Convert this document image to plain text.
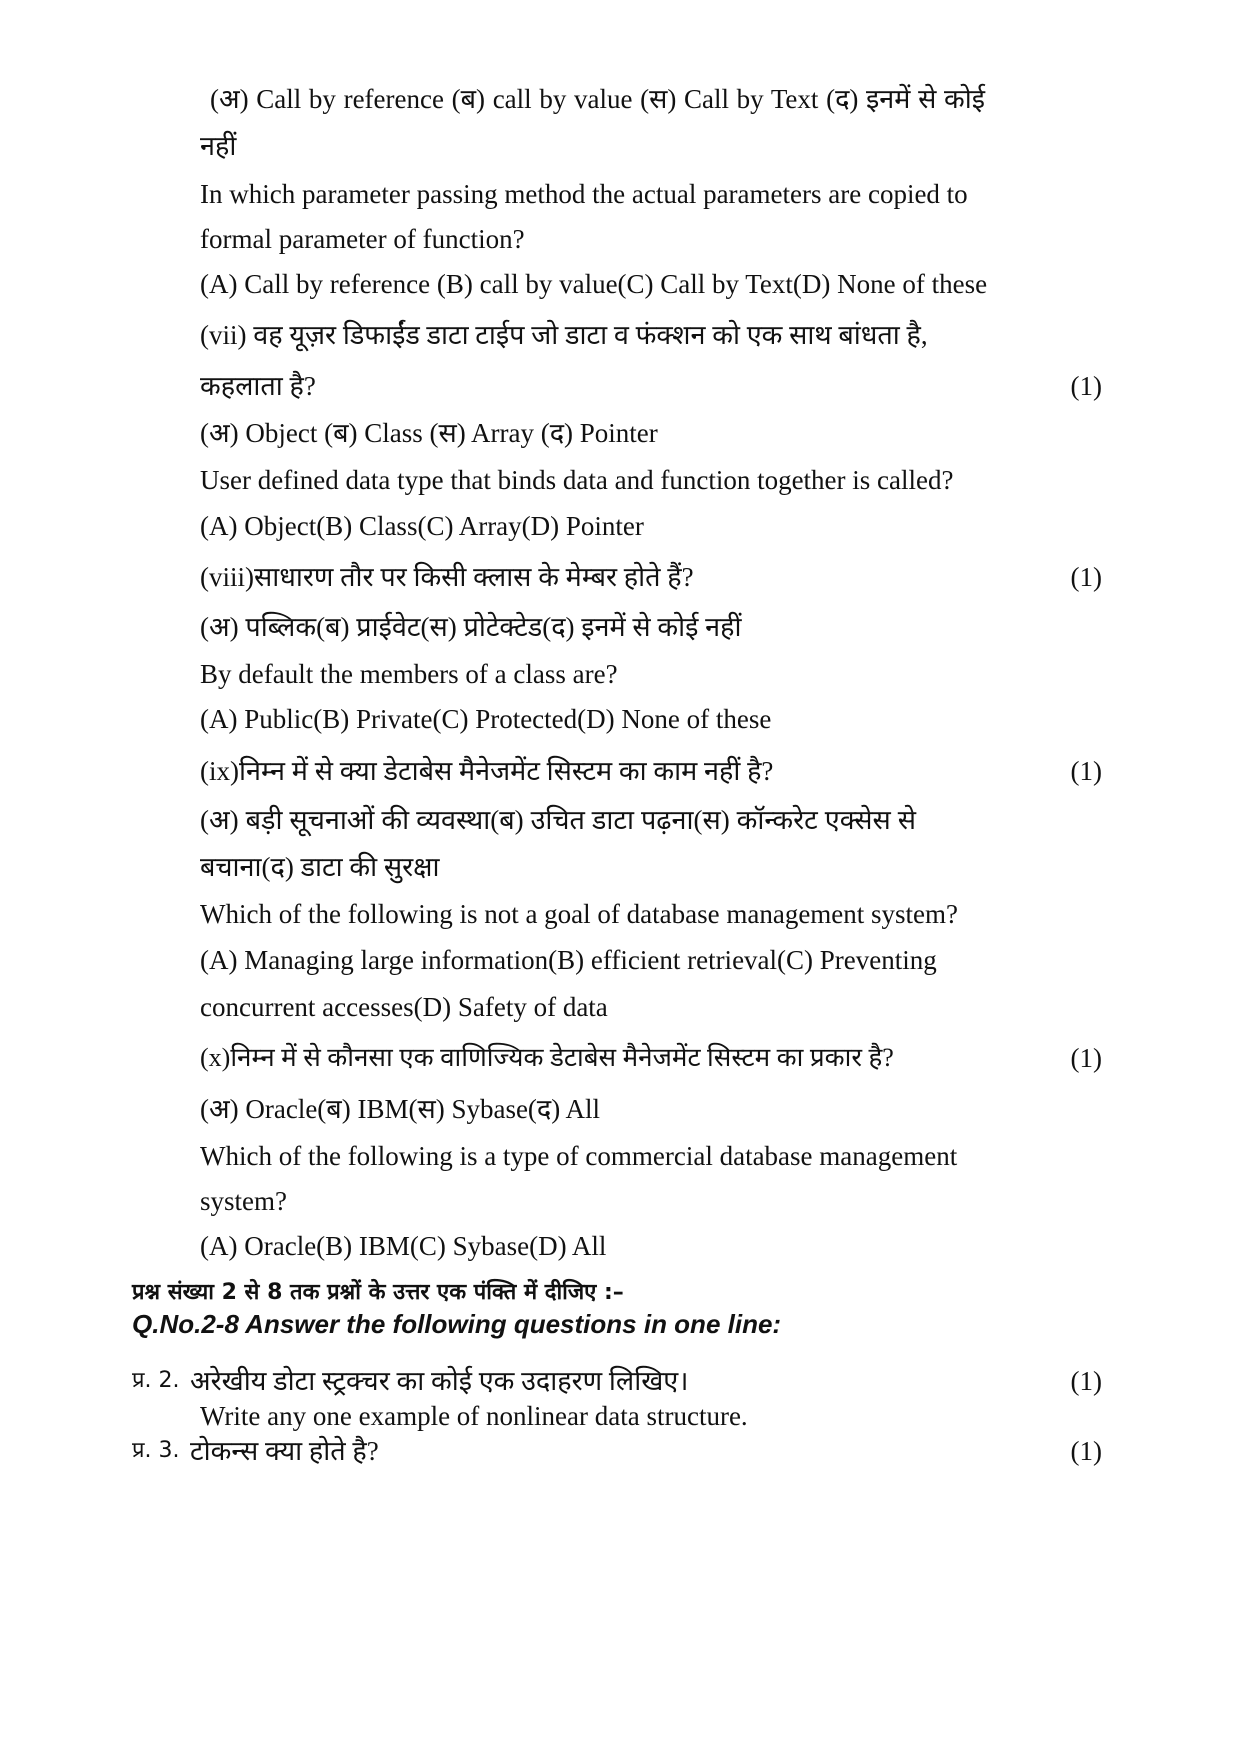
(अ) Call by reference (ब) call by value (स) Call by Text (द) इनमें से कोई
नहीं
In which parameter passing method the actual parameters are copied to
formal parameter of function?
(A) Call by reference (B) call by value(C) Call by Text(D) None of these
(vii) वह यूज़र डिफाईंड डाटा टाईप जो डाटा व फंक्शन को एक साथ बांधता है,
कहलाता है?	(1)
(अ) Object (ब) Class (स) Array (द) Pointer
User defined data type that binds data and function together is called?
(A) Object(B) Class(C) Array(D) Pointer
(viii)साधारण तौर पर किसी क्लास के मेम्बर होते हैं?	(1)
(अ) पब्लिक(ब) प्राईवेट(स) प्रोटेक्टेड(द) इनमें से कोई नहीं
By default the members of a class are?
(A) Public(B) Private(C) Protected(D) None of these
(ix)निम्न में से क्या डेटाबेस मैनेजमेंट सिस्टम का काम नहीं है?	(1)
(अ) बड़ी सूचनाओं की व्यवस्था(ब) उचित डाटा पढ़ना(स) कॉन्करेट एक्सेस से
बचाना(द) डाटा की सुरक्षा
Which of the following is not a goal of database management system?
(A) Managing large information(B) efficient retrieval(C) Preventing
concurrent accesses(D) Safety of data
(x)निम्न में से कौनसा एक वाणिज्यिक डेटाबेस मैनेजमेंट सिस्टम का प्रकार है?	(1)
(अ) Oracle(ब) IBM(स) Sybase(द) All
Which of the following is a type of commercial database management
system?
(A) Oracle(B) IBM(C) Sybase(D) All
प्रश्न संख्या 2 से 8 तक प्रश्नों के उत्तर एक पंक्ति में दीजिए :–
Q.No.2-8 Answer the following questions in one line:
प्र. 2. अरेखीय डोटा स्ट्रक्चर का कोई एक उदाहरण लिखिए।	(1)
Write any one example of nonlinear data structure.
प्र. 3. टोकन्स क्या होते है?	(1)
